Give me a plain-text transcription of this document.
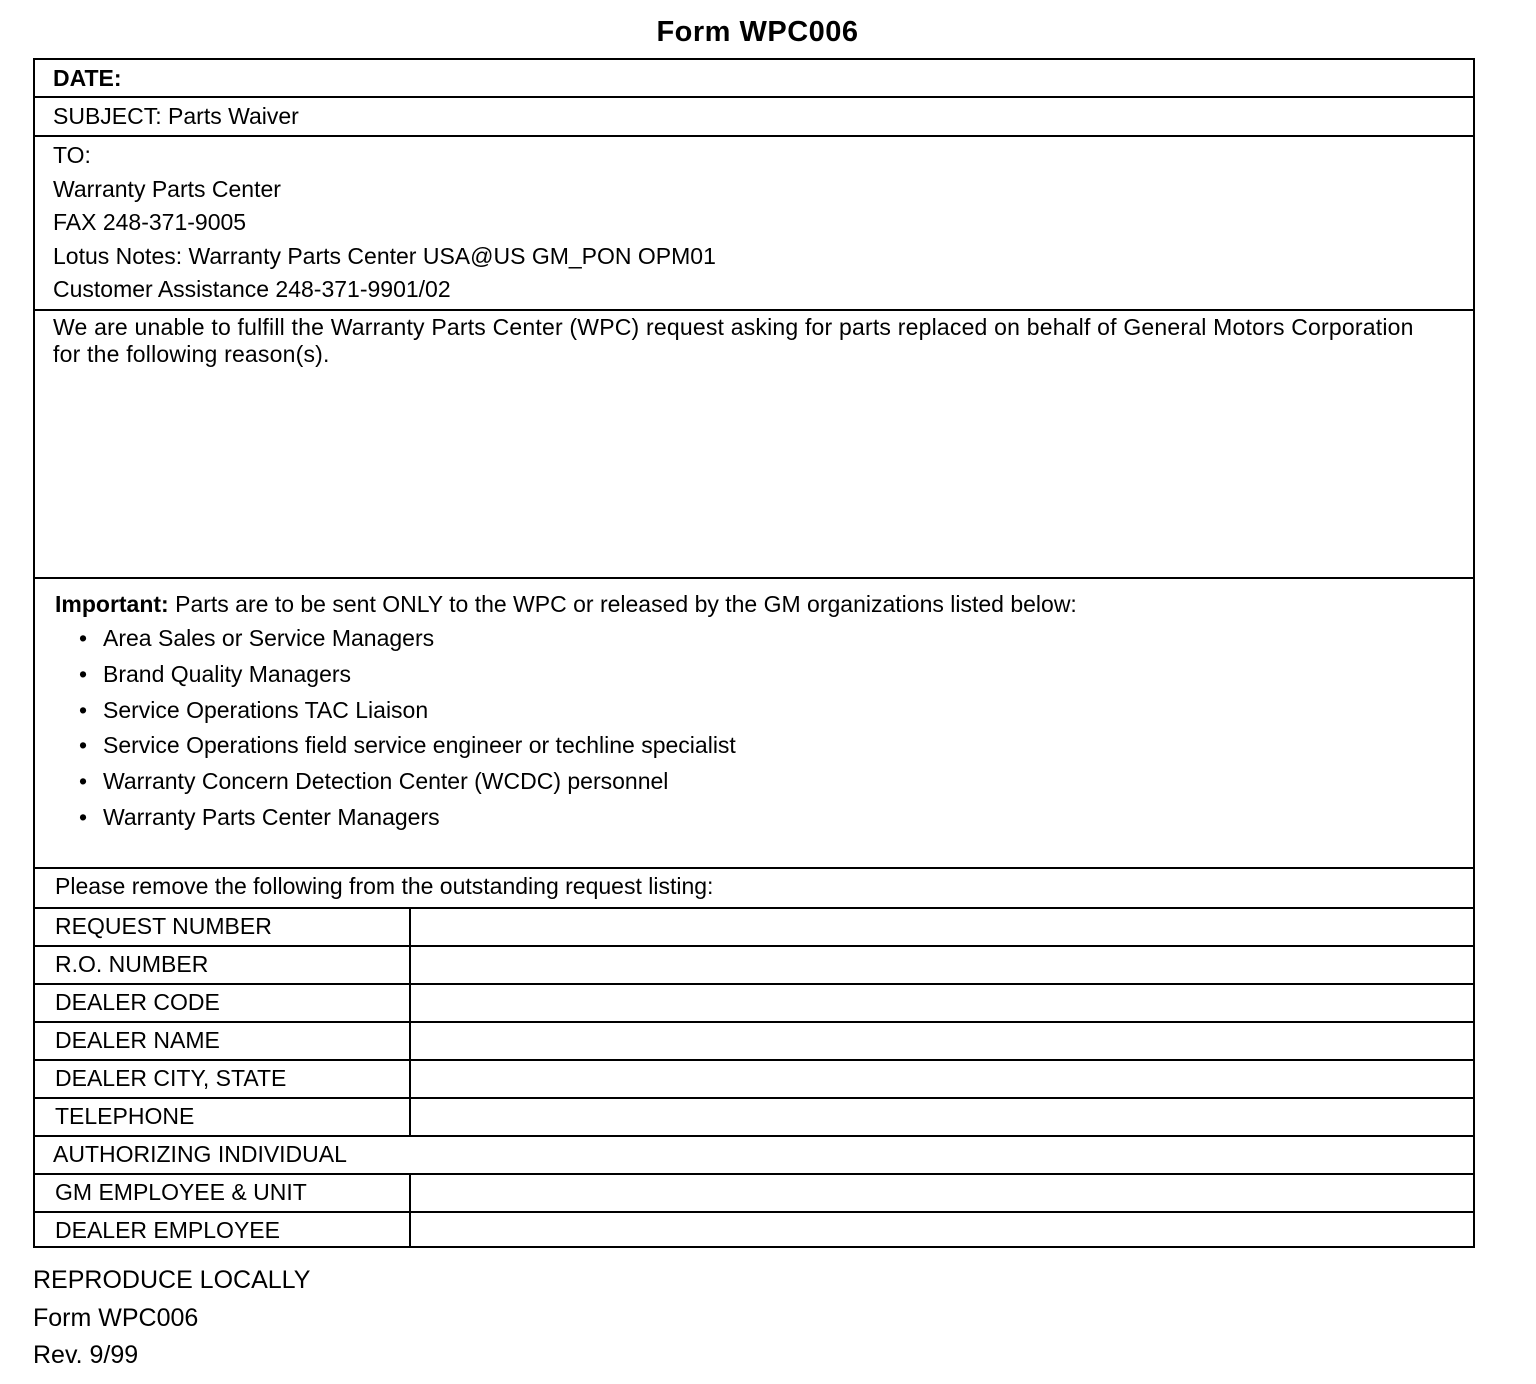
Form WPC006
DATE:
SUBJECT: Parts Waiver
TO:
Warranty Parts Center
FAX 248-371-9005
Lotus Notes: Warranty Parts Center USA@US GM_PON OPM01
Customer Assistance 248-371-9901/02
We are unable to fulfill the Warranty Parts Center (WPC) request asking for parts replaced on behalf of General Motors Corporation for the following reason(s).
Important: Parts are to be sent ONLY to the WPC or released by the GM organizations listed below:
• Area Sales or Service Managers
• Brand Quality Managers
• Service Operations TAC Liaison
• Service Operations field service engineer or techline specialist
• Warranty Concern Detection Center (WCDC) personnel
• Warranty Parts Center Managers
Please remove the following from the outstanding request listing:
REQUEST NUMBER
R.O. NUMBER
DEALER CODE
DEALER NAME
DEALER CITY, STATE
TELEPHONE
AUTHORIZING INDIVIDUAL
GM EMPLOYEE & UNIT
DEALER EMPLOYEE
REPRODUCE LOCALLY
Form WPC006
Rev. 9/99
